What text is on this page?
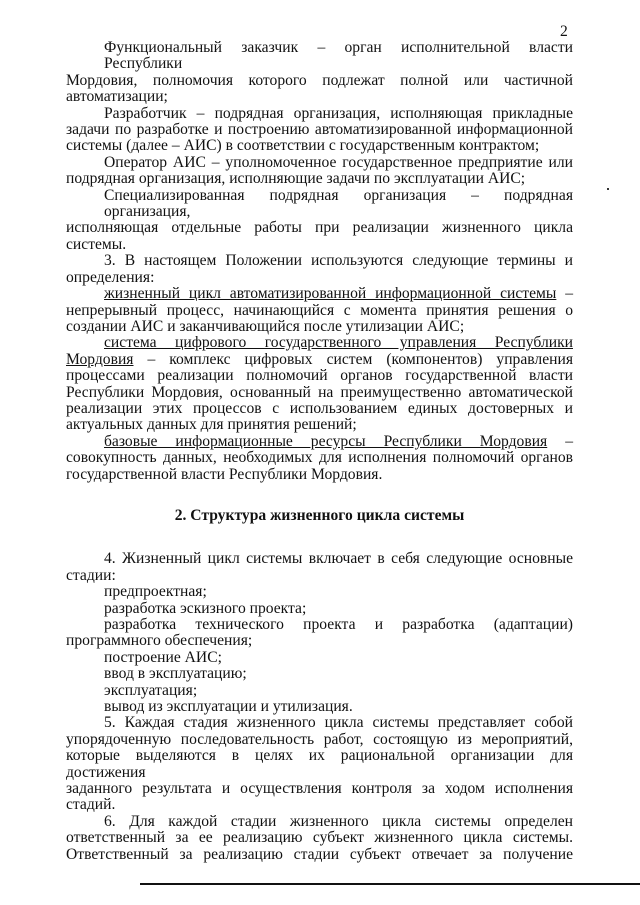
2
Функциональный заказчик – орган исполнительной власти Республики
Мордовия, полномочия которого подлежат полной или частичной
автоматизации;
Разработчик – подрядная организация, исполняющая прикладные
задачи по разработке и построению автоматизированной информационной
системы (далее – АИС) в соответствии с государственным контрактом;
Оператор АИС – уполномоченное государственное предприятие или
подрядная организация, исполняющие задачи по эксплуатации АИС;
Специализированная подрядная организация – подрядная организация,
исполняющая отдельные работы при реализации жизненного цикла системы.
3. В настоящем Положении используются следующие термины и
определения:
жизненный цикл автоматизированной информационной системы –
непрерывный процесс, начинающийся с момента принятия решения о
создании АИС и заканчивающийся после утилизации АИС;
система цифрового государственного управления Республики
Мордовия – комплекс цифровых систем (компонентов) управления
процессами реализации полномочий органов государственной власти
Республики Мордовия, основанный на преимущественно автоматической
реализации этих процессов с использованием единых достоверных и
актуальных данных для принятия решений;
базовые информационные ресурсы Республики Мордовия –
совокупность данных, необходимых для исполнения полномочий органов
государственной власти Республики Мордовия.
2. Структура жизненного цикла системы
4. Жизненный цикл системы включает в себя следующие основные
стадии:
предпроектная;
разработка эскизного проекта;
разработка технического проекта и разработка (адаптации)
программного обеспечения;
построение АИС;
ввод в эксплуатацию;
эксплуатация;
вывод из эксплуатации и утилизация.
5. Каждая стадия жизненного цикла системы представляет собой
упорядоченную последовательность работ, состоящую из мероприятий,
которые выделяются в целях их рациональной организации для достижения
заданного результата и осуществления контроля за ходом исполнения стадий.
6. Для каждой стадии жизненного цикла системы определен
ответственный за ее реализацию субъект жизненного цикла системы.
Ответственный за реализацию стадии субъект отвечает за получение
